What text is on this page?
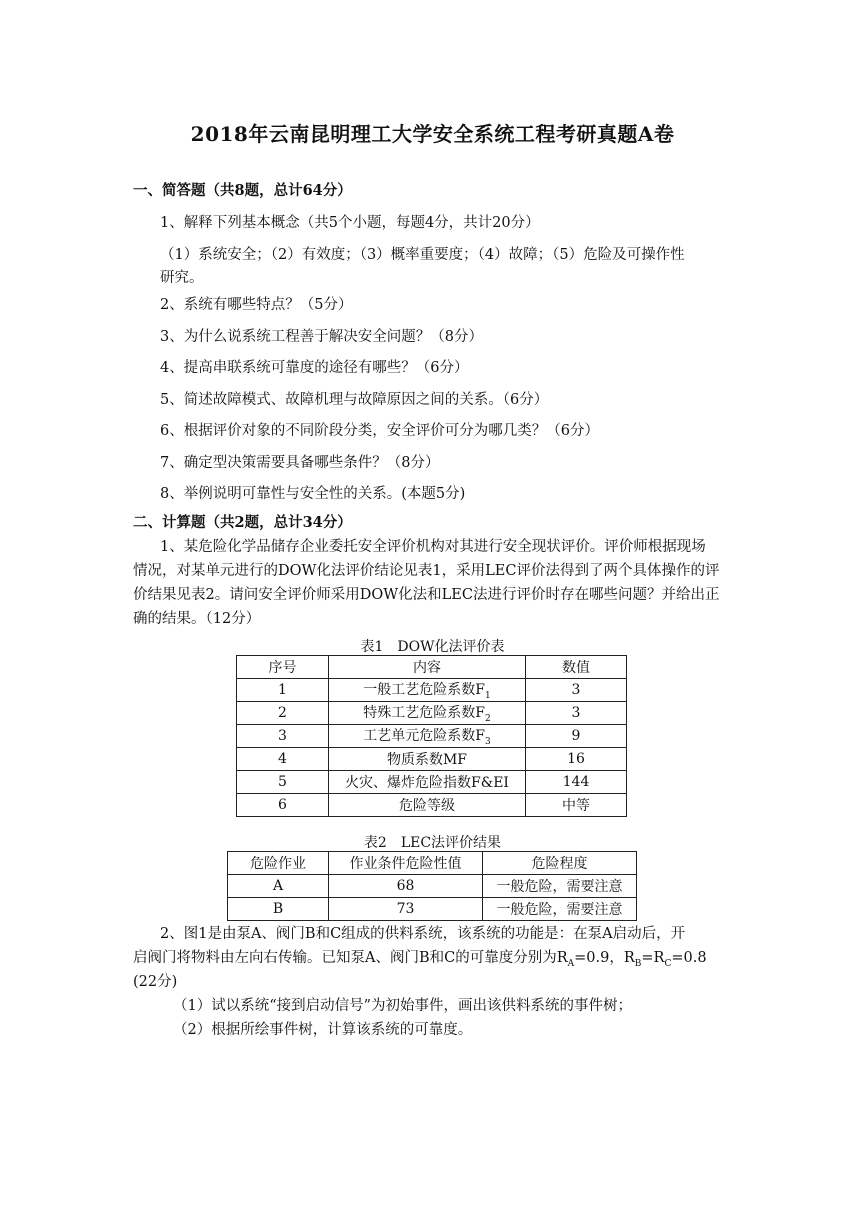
2018年云南昆明理工大学安全系统工程考研真题A卷
一、简答题（共8题，总计64分）
1、解释下列基本概念（共5个小题，每题4分，共计20分）
（1）系统安全；（2）有效度；（3）概率重要度；（4）故障；（5）危险及可操作性
研究。
2、系统有哪些特点？（5分）
3、为什么说系统工程善于解决安全问题？（8分）
4、提高串联系统可靠度的途径有哪些？（6分）
5、简述故障模式、故障机理与故障原因之间的关系。（6分）
6、根据评价对象的不同阶段分类，安全评价可分为哪几类？（6分）
7、确定型决策需要具备哪些条件？（8分）
8、举例说明可靠性与安全性的关系。(本题5分)
二、计算题（共2题，总计34分）
1、某危险化学品储存企业委托安全评价机构对其进行安全现状评价。评价师根据现场
情况，对某单元进行的DOW化法评价结论见表1，采用LEC评价法得到了两个具体操作的评
价结果见表2。请问安全评价师采用DOW化法和LEC法进行评价时存在哪些问题？并给出正
确的结果。（12分）
表1　DOW化法评价表
序号	内容	数值
1	一般工艺危险系数$F_1$	3
2	特殊工艺危险系数$F_2$	3
3	工艺单元危险系数$F_3$	9
4	物质系数MF	16
5	火灾、爆炸危险指数F&EI	144
6	危险等级	中等
表2　LEC法评价结果
危险作业	作业条件危险性值	危险程度
A	68	一般危险，需要注意
B	73	一般危险，需要注意
2、图1是由泵A、阀门B和C组成的供料系统，该系统的功能是：在泵A启动后，开
启阀门将物料由左向右传输。已知泵A、阀门B和C的可靠度分别为$R_A=0.9$，$R_B=R_C=0.8$
(22分)
（1）试以系统“接到启动信号”为初始事件，画出该供料系统的事件树；
（2）根据所绘事件树，计算该系统的可靠度。
